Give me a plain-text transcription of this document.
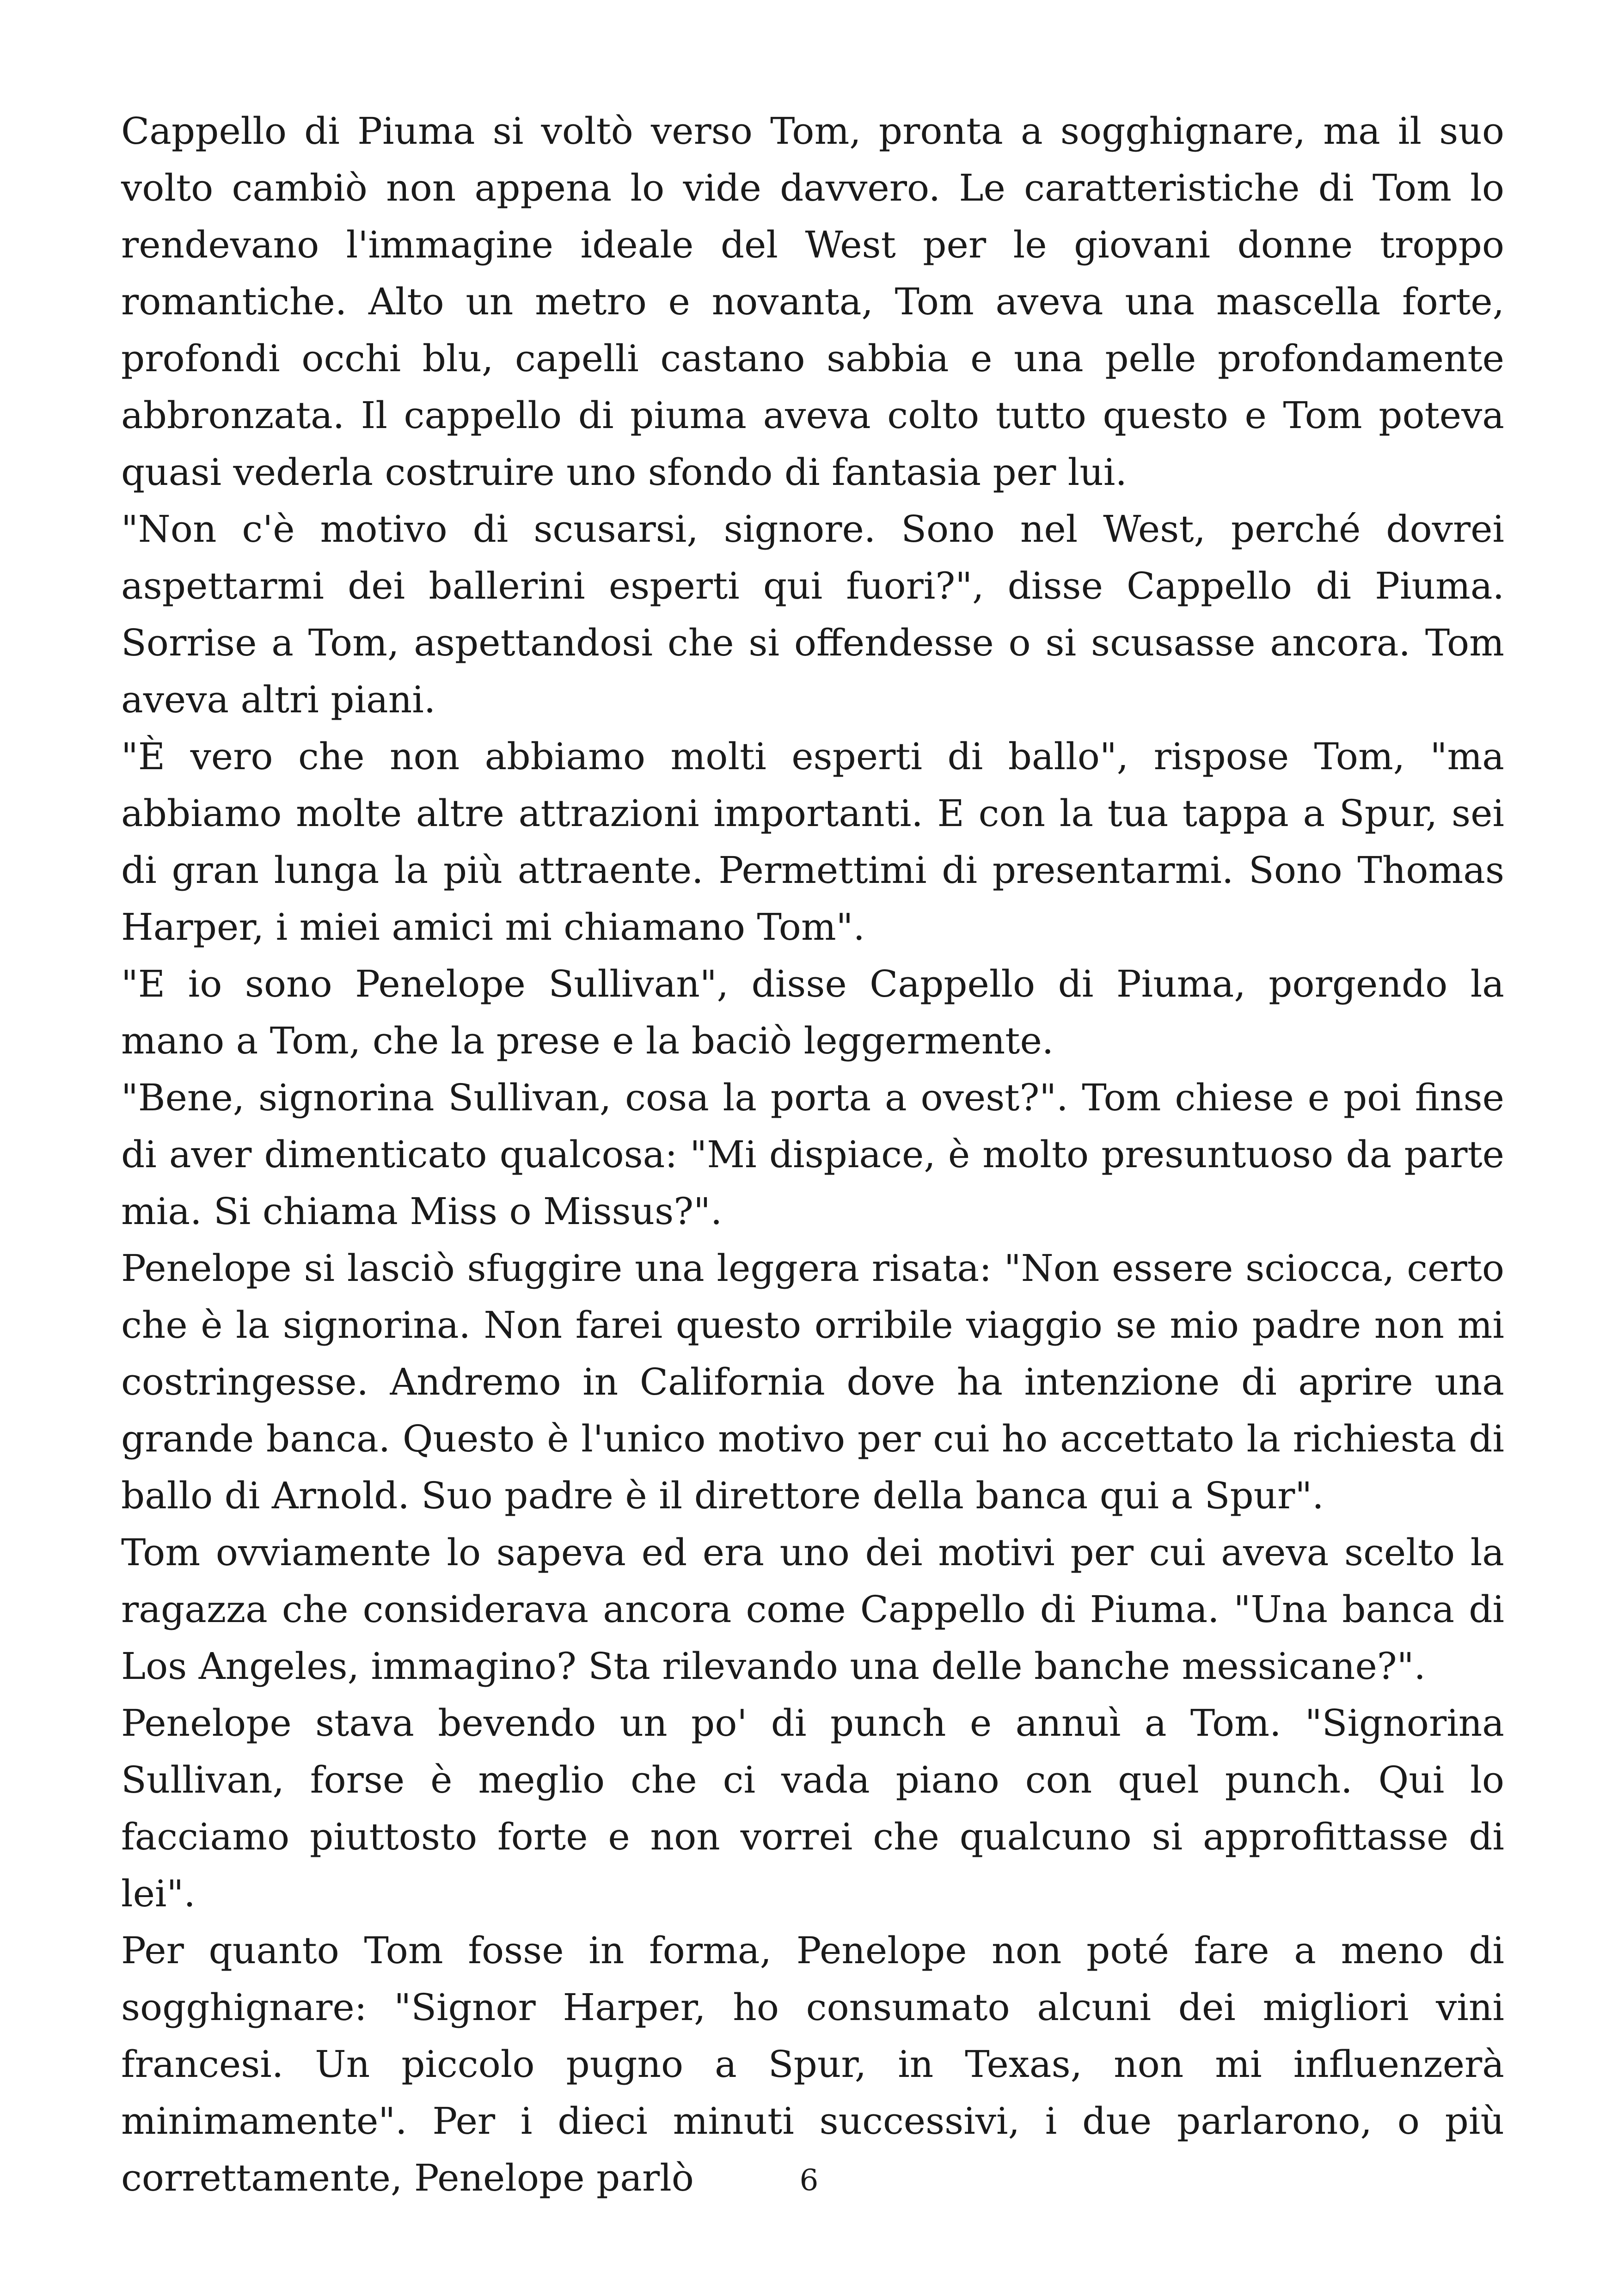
Cappello di Piuma si voltò verso Tom, pronta a sogghignare, ma il suo volto cambiò non appena lo vide davvero. Le caratteristiche di Tom lo rendevano l'immagine ideale del West per le giovani donne troppo romantiche. Alto un metro e novanta, Tom aveva una mascella forte, profondi occhi blu, capelli castano sabbia e una pelle profondamente abbronzata. Il cappello di piuma aveva colto tutto questo e Tom poteva quasi vederla costruire uno sfondo di fantasia per lui.

"Non c'è motivo di scusarsi, signore. Sono nel West, perché dovrei aspettarmi dei ballerini esperti qui fuori?", disse Cappello di Piuma. Sorrise a Tom, aspettandosi che si offendesse o si scusasse ancora. Tom aveva altri piani.

"È vero che non abbiamo molti esperti di ballo", rispose Tom, "ma abbiamo molte altre attrazioni importanti. E con la tua tappa a Spur, sei di gran lunga la più attraente. Permettimi di presentarmi. Sono Thomas Harper, i miei amici mi chiamano Tom".

"E io sono Penelope Sullivan", disse Cappello di Piuma, porgendo la mano a Tom, che la prese e la baciò leggermente.

"Bene, signorina Sullivan, cosa la porta a ovest?". Tom chiese e poi finse di aver dimenticato qualcosa: "Mi dispiace, è molto presuntuoso da parte mia. Si chiama Miss o Missus?".

Penelope si lasciò sfuggire una leggera risata: "Non essere sciocca, certo che è la signorina. Non farei questo orribile viaggio se mio padre non mi costringesse. Andremo in California dove ha intenzione di aprire una grande banca. Questo è l'unico motivo per cui ho accettato la richiesta di ballo di Arnold. Suo padre è il direttore della banca qui a Spur".

Tom ovviamente lo sapeva ed era uno dei motivi per cui aveva scelto la ragazza che considerava ancora come Cappello di Piuma. "Una banca di Los Angeles, immagino? Sta rilevando una delle banche messicane?".

Penelope stava bevendo un po' di punch e annuì a Tom. "Signorina Sullivan, forse è meglio che ci vada piano con quel punch. Qui lo facciamo piuttosto forte e non vorrei che qualcuno si approfittasse di lei".

Per quanto Tom fosse in forma, Penelope non poté fare a meno di sogghignare: "Signor Harper, ho consumato alcuni dei migliori vini francesi. Un piccolo pugno a Spur, in Texas, non mi influenzerà minimamente". Per i dieci minuti successivi, i due parlarono, o più correttamente, Penelope parlò	6
